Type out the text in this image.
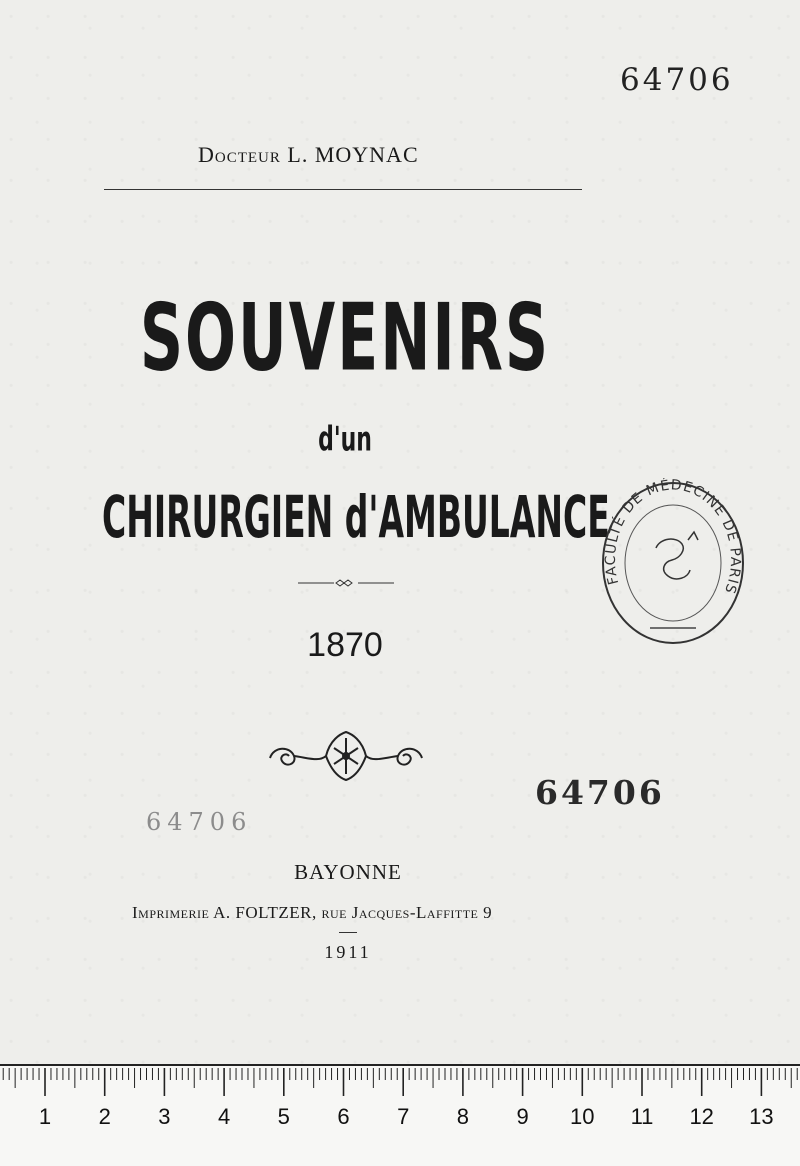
64706
Docteur L. MOYNAC
SOUVENIRS
d'un
CHIRURGIEN d'AMBULANCE
1870
FACULTÉ DE MÉDECINE DE PARIS
64706
64706
BAYONNE
Imprimerie A. FOLTZER, rue Jacques-Laffitte 9
1911
1	2	3	4	5	6	7	8	9	10	11	12	13
